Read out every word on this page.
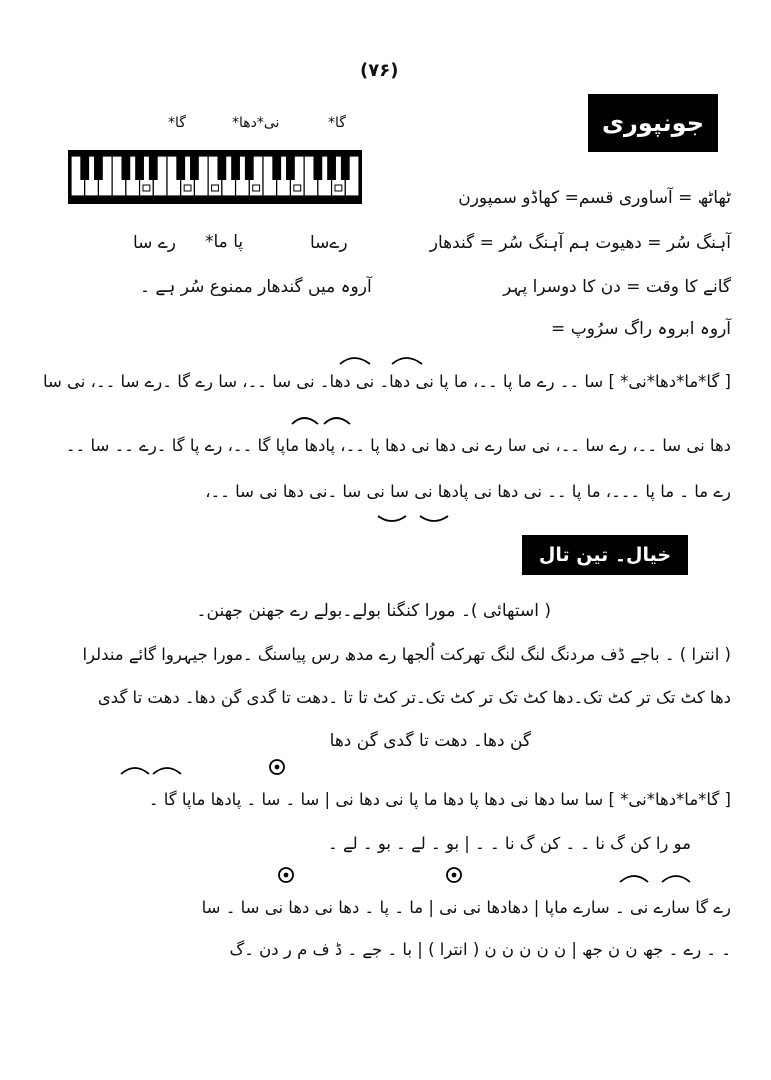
(۷۶)
جونپوری
گا*	نی*دھا*	گا*
ٹھاٹھ = آساوری قسم= کھاڈو سمپورن
آہنگ سُر = دھیوت ہم آہنگ سُر = گندھار
رےسا
پا ما*
رے سا
گانے کا وقت = دن کا دوسرا پہر
آروہ میں گندھار ممنوع سُر ہے ۔
آروہ ابروہ راگ سرُوپ =
[ گا*ما*دھا*نی* ] سا ۔۔ رے ما پا ۔۔، ما پا نی دھا۔ نی دھا۔ نی سا ۔۔، سا رے گا ۔رے سا ۔۔، نی سا
دھا نی سا ۔۔، رے سا ۔۔، نی سا رے نی دھا نی دھا پا ۔۔، پادھا ماپا گا ۔۔، رے پا گا ۔رے ۔۔ سا ۔۔
رے ما ۔ ما پا ۔۔۔، ما پا ۔۔ نی دھا نی پادھا نی سا نی سا ۔نی دھا نی سا ۔۔،
خیال۔ تین تال
( استھائی )۔ مورا کنگنا بولے۔بولے رے جھنن جھنن۔
( انترا ) ۔ باجے ڈف مردنگ لنگ لنگ تھرکت اُلجھا رے مدھ رس پیاسنگ ۔مورا جیہروا گائے مندلرا
دھا کٹ تک تر کٹ تک۔دھا کٹ تک تر کٹ تک۔تر کٹ تا تا ۔دھت تا گدی گن دھا۔ دھت تا گدی
گن دھا۔ دھت تا گدی گن دھا
[ گا*ما*دھا*نی* ] سا سا دھا نی دھا پا دھا ما پا نی دھا نی | سا ۔ سا ۔ پادھا ماپا گا ۔
مو را کن گ نا ۔ ۔ کن گ نا ۔ ۔ | بو ۔ لے ۔ بو ۔ لے ۔
رے گا سارے نی ۔ سارے ماپا | دھادھا نی نی | ما ۔ پا ۔ دھا نی دھا نی سا ۔ سا
۔ ۔ رے ۔ جھ ن ن جھ | ن ن ن ن ن ( انترا ) | با ۔ جے ۔ ڈ ف م ر دن ۔گ
